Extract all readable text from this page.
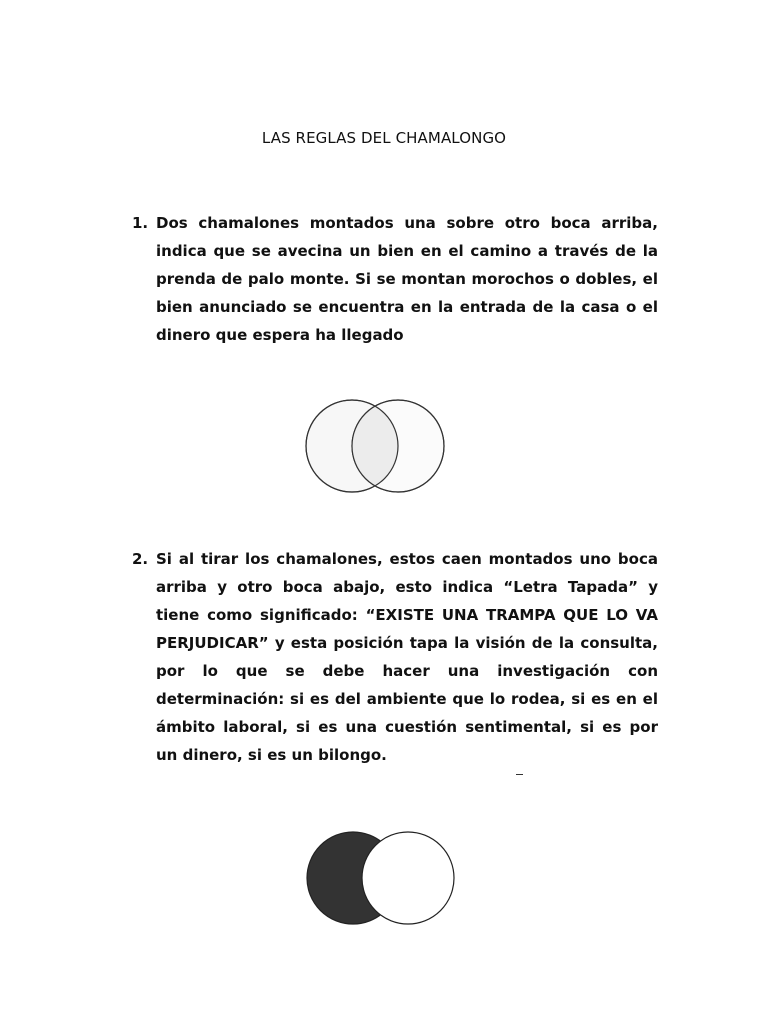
LAS REGLAS DEL CHAMALONGO
1. Dos chamalones montados una sobre otro boca arriba, indica que se avecina un bien en el camino a través de la prenda de palo monte. Si se montan morochos o dobles, el bien anunciado se encuentra en la entrada de la casa o el dinero que espera ha llegado
2. Si al tirar los chamalones, estos caen montados uno boca arriba y otro boca abajo, esto indica “Letra Tapada” y tiene como significado: “EXISTE UNA TRAMPA QUE LO VA PERJUDICAR” y esta posición tapa la visión de la consulta, por lo que se debe hacer una investigación con determinación: si es del ambiente que lo rodea, si es en el ámbito laboral, si es una cuestión sentimental, si es por un dinero, si es un bilongo.
